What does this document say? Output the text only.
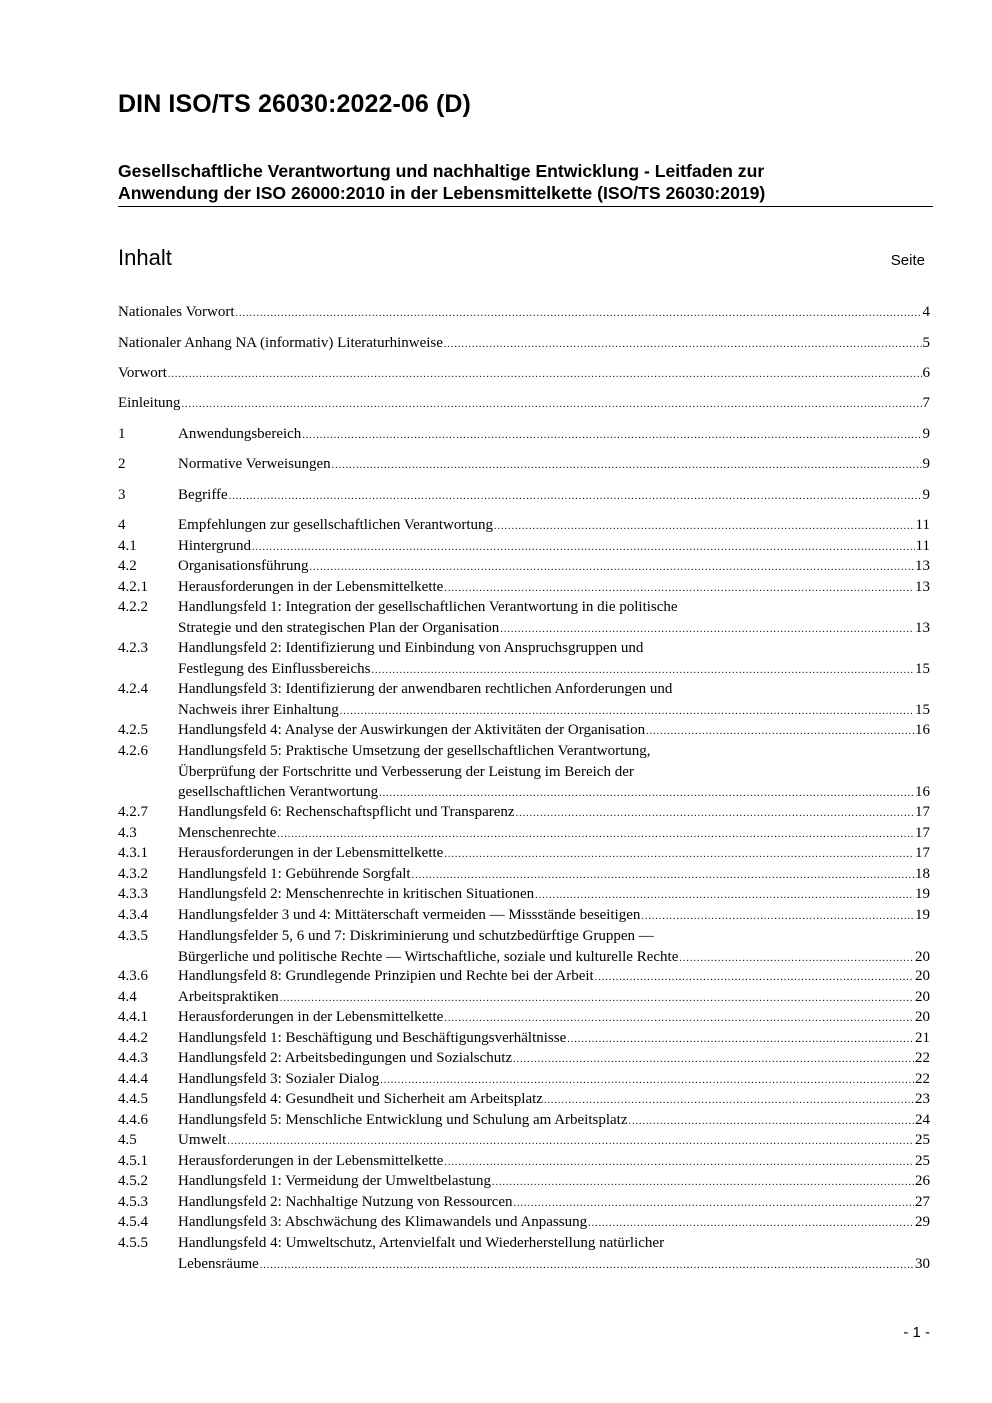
DIN ISO/TS 26030:2022-06 (D)
Gesellschaftliche Verantwortung und nachhaltige Entwicklung - Leitfaden zur
Anwendung der ISO 26000:2010 in der Lebensmittelkette (ISO/TS 26030:2019)
Inhalt	Seite
Nationales Vorwort .....	4
Nationaler Anhang NA (informativ) Literaturhinweise .....	5
Vorwort .....	6
Einleitung .....	7
1	Anwendungsbereich .....	9
2	Normative Verweisungen .....	9
3	Begriffe .....	9
4	Empfehlungen zur gesellschaftlichen Verantwortung .....	11
4.1	Hintergrund .....	11
4.2	Organisationsführung .....	13
4.2.1 Herausforderungen in der Lebensmittelkette .....	13
4.2.2 Handlungsfeld 1: Integration der gesellschaftlichen Verantwortung in die politische
Strategie und den strategischen Plan der Organisation .....	13
4.2.3 Handlungsfeld 2: Identifizierung und Einbindung von Anspruchsgruppen und
Festlegung des Einflussbereichs .....	15
4.2.4 Handlungsfeld 3: Identifizierung der anwendbaren rechtlichen Anforderungen und
Nachweis ihrer Einhaltung .....	15
4.2.5 Handlungsfeld 4: Analyse der Auswirkungen der Aktivitäten der Organisation .....	16
4.2.6 Handlungsfeld 5: Praktische Umsetzung der gesellschaftlichen Verantwortung,
Überprüfung der Fortschritte und Verbesserung der Leistung im Bereich der
gesellschaftlichen Verantwortung .....	16
4.2.7 Handlungsfeld 6: Rechenschaftspflicht und Transparenz .....	17
4.3	Menschenrechte .....	17
4.3.1 Herausforderungen in der Lebensmittelkette .....	17
4.3.2 Handlungsfeld 1: Gebührende Sorgfalt .....	18
4.3.3 Handlungsfeld 2: Menschenrechte in kritischen Situationen .....	19
4.3.4 Handlungsfelder 3 und 4: Mittäterschaft vermeiden — Missstände beseitigen .....	19
4.3.5 Handlungsfelder 5, 6 und 7: Diskriminierung und schutzbedürftige Gruppen —
Bürgerliche und politische Rechte — Wirtschaftliche, soziale und kulturelle Rechte .....	20
4.3.6 Handlungsfeld 8: Grundlegende Prinzipien und Rechte bei der Arbeit .....	20
4.4	Arbeitspraktiken .....	20
4.4.1 Herausforderungen in der Lebensmittelkette .....	20
4.4.2 Handlungsfeld 1: Beschäftigung und Beschäftigungsverhältnisse .....	21
4.4.3 Handlungsfeld 2: Arbeitsbedingungen und Sozialschutz .....	22
4.4.4 Handlungsfeld 3: Sozialer Dialog .....	22
4.4.5 Handlungsfeld 4: Gesundheit und Sicherheit am Arbeitsplatz .....	23
4.4.6 Handlungsfeld 5: Menschliche Entwicklung und Schulung am Arbeitsplatz .....	24
4.5	Umwelt .....	25
4.5.1 Herausforderungen in der Lebensmittelkette .....	25
4.5.2 Handlungsfeld 1: Vermeidung der Umweltbelastung .....	26
4.5.3 Handlungsfeld 2: Nachhaltige Nutzung von Ressourcen .....	27
4.5.4 Handlungsfeld 3: Abschwächung des Klimawandels und Anpassung .....	29
4.5.5 Handlungsfeld 4: Umweltschutz, Artenvielfalt und Wiederherstellung natürlicher
Lebensräume .....	30
- 1 -
